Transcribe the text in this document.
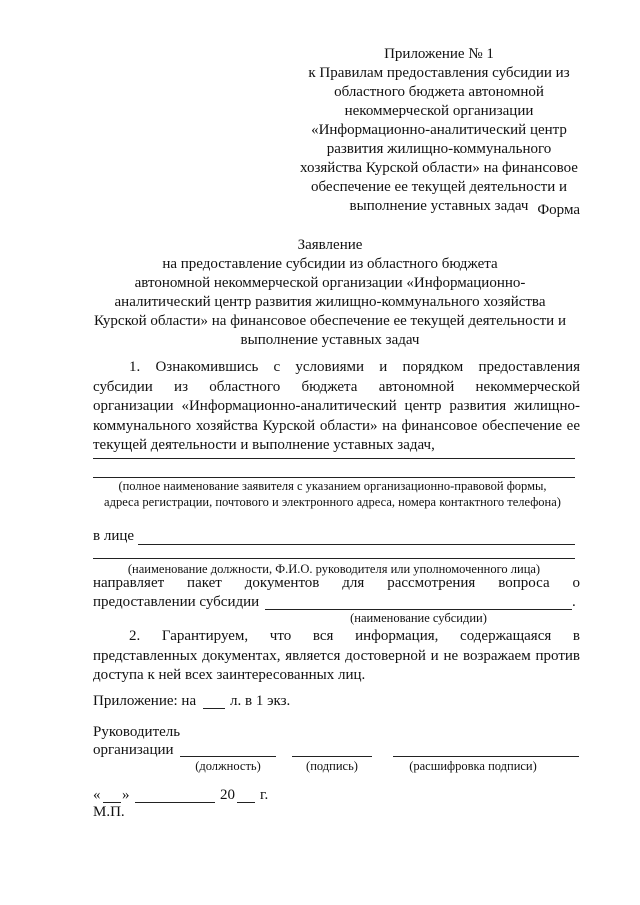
Приложение № 1
к Правилам предоставления субсидии из
областного бюджета автономной
некоммерческой организации
«Информационно-аналитический центр
развития жилищно-коммунального
хозяйства Курской области» на финансовое
обеспечение ее текущей деятельности и
выполнение уставных задач Форма
Заявление
на предоставление субсидии из областного бюджета
автономной некоммерческой организации «Информационно-
аналитический центр развития жилищно-коммунального хозяйства
Курской области» на финансовое обеспечение ее текущей деятельности и
выполнение уставных задач
1. Ознакомившись с условиями и порядком предоставления
субсидии из областного бюджета автономной некоммерческой
организации «Информационно-аналитический центр развития жилищно-
коммунального хозяйства Курской области» на финансовое обеспечение ее
текущей деятельности и выполнение уставных задач,
(полное наименование заявителя с указанием организационно-правовой формы,
адреса регистрации, почтового и электронного адреса, номера контактного телефона)
в лице
(наименование должности, Ф.И.О. руководителя или уполномоченного лица)
направляет пакет документов для рассмотрения вопроса о
предоставлении субсидии	.
(наименование субсидии)
2. Гарантируем, что вся информация, содержащаяся в
представленных документах, является достоверной и не возражаем против
доступа к ней всех заинтересованных лиц.
Приложение: на л. в 1 экз.
Руководитель
организации
(должность)	(подпись)	(расшифровка подписи)
« »	20 г.
М.П.
